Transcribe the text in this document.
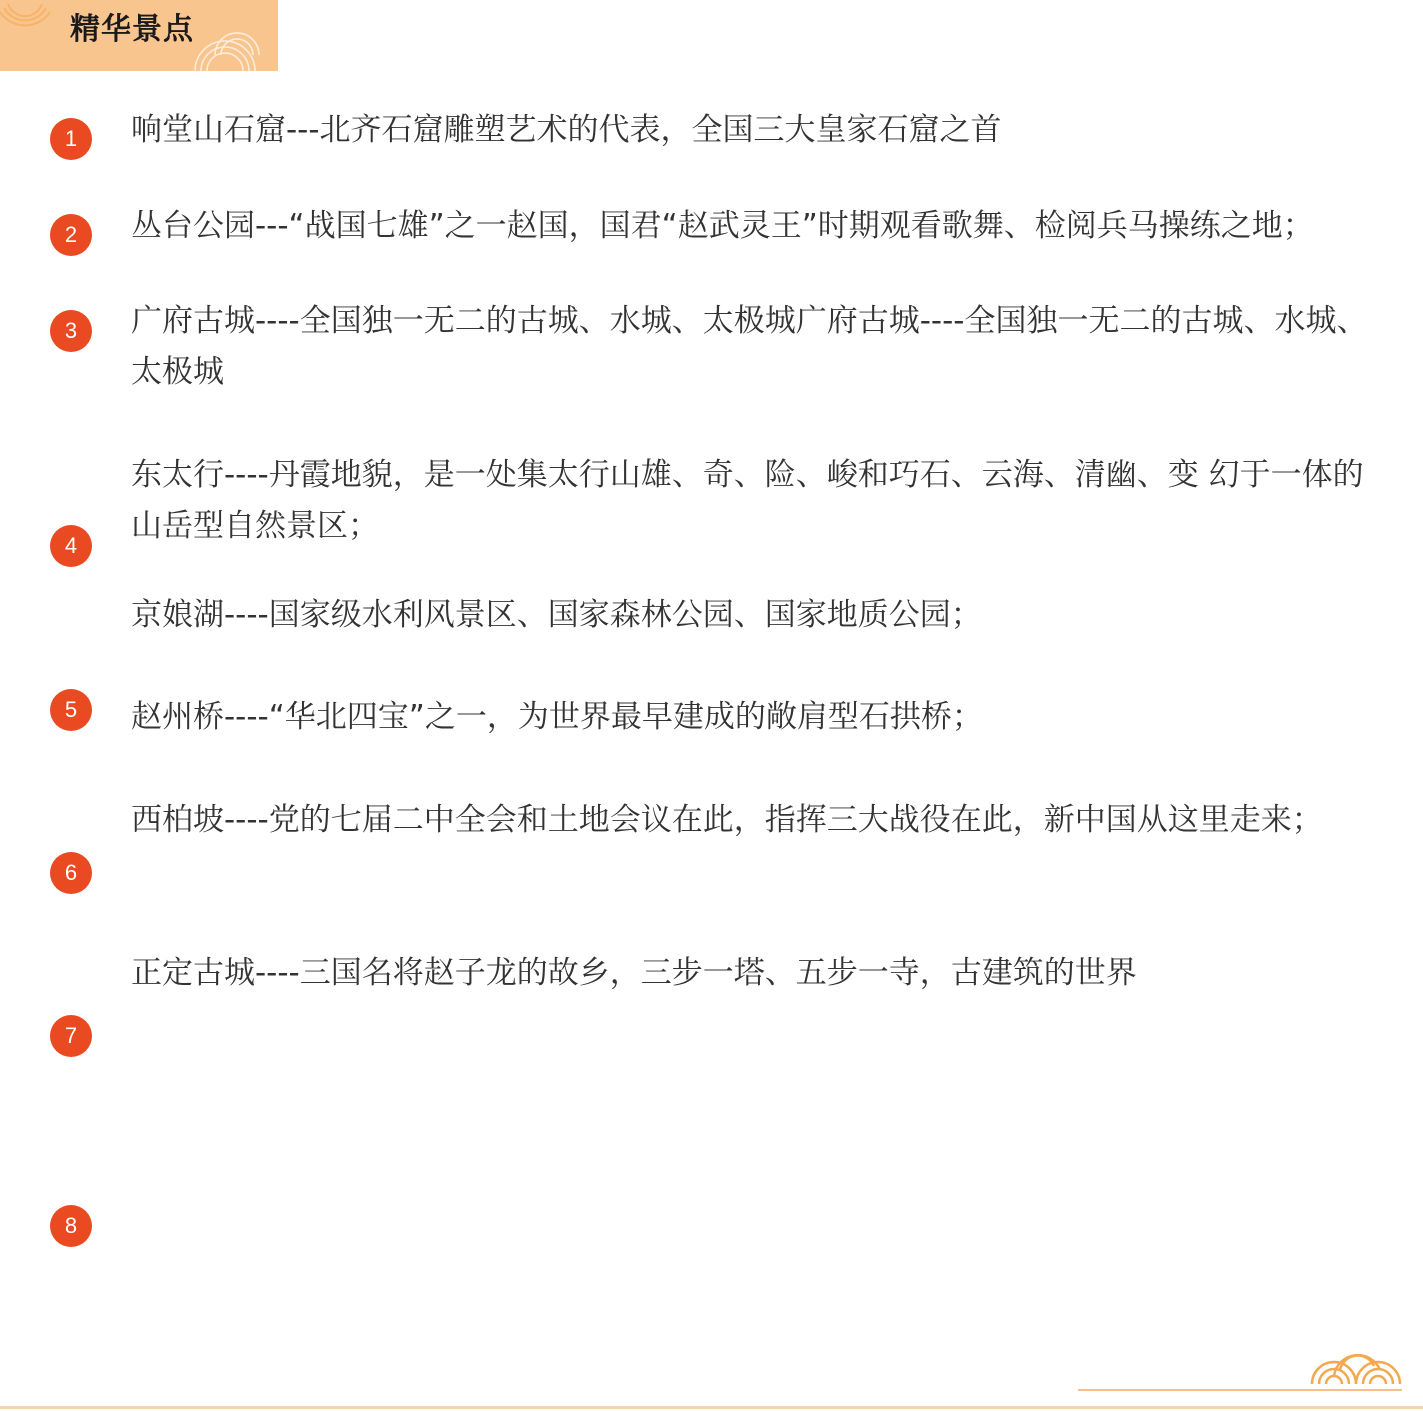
精华景点
1
2
3
4
5
6
7
8

响堂山石窟---北齐石窟雕塑艺术的代表，全国三大皇家石窟之首

丛台公园---“战国七雄”之一赵国，国君“赵武灵王”时期观看歌舞、检阅兵马操练之地；

广府古城----全国独一无二的古城、水城、太极城广府古城----全国独一无二的古城、水城、太极城

东太行----丹霞地貌，是一处集太行山雄、奇、险、峻和巧石、云海、清幽、变 幻于一体的山岳型自然景区；

京娘湖----国家级水利风景区、国家森林公园、国家地质公园；

赵州桥----“华北四宝”之一，为世界最早建成的敞肩型石拱桥；

西柏坡----党的七届二中全会和土地会议在此，指挥三大战役在此，新中国从这里走来；

正定古城----三国名将赵子龙的故乡，三步一塔、五步一寺，古建筑的世界
